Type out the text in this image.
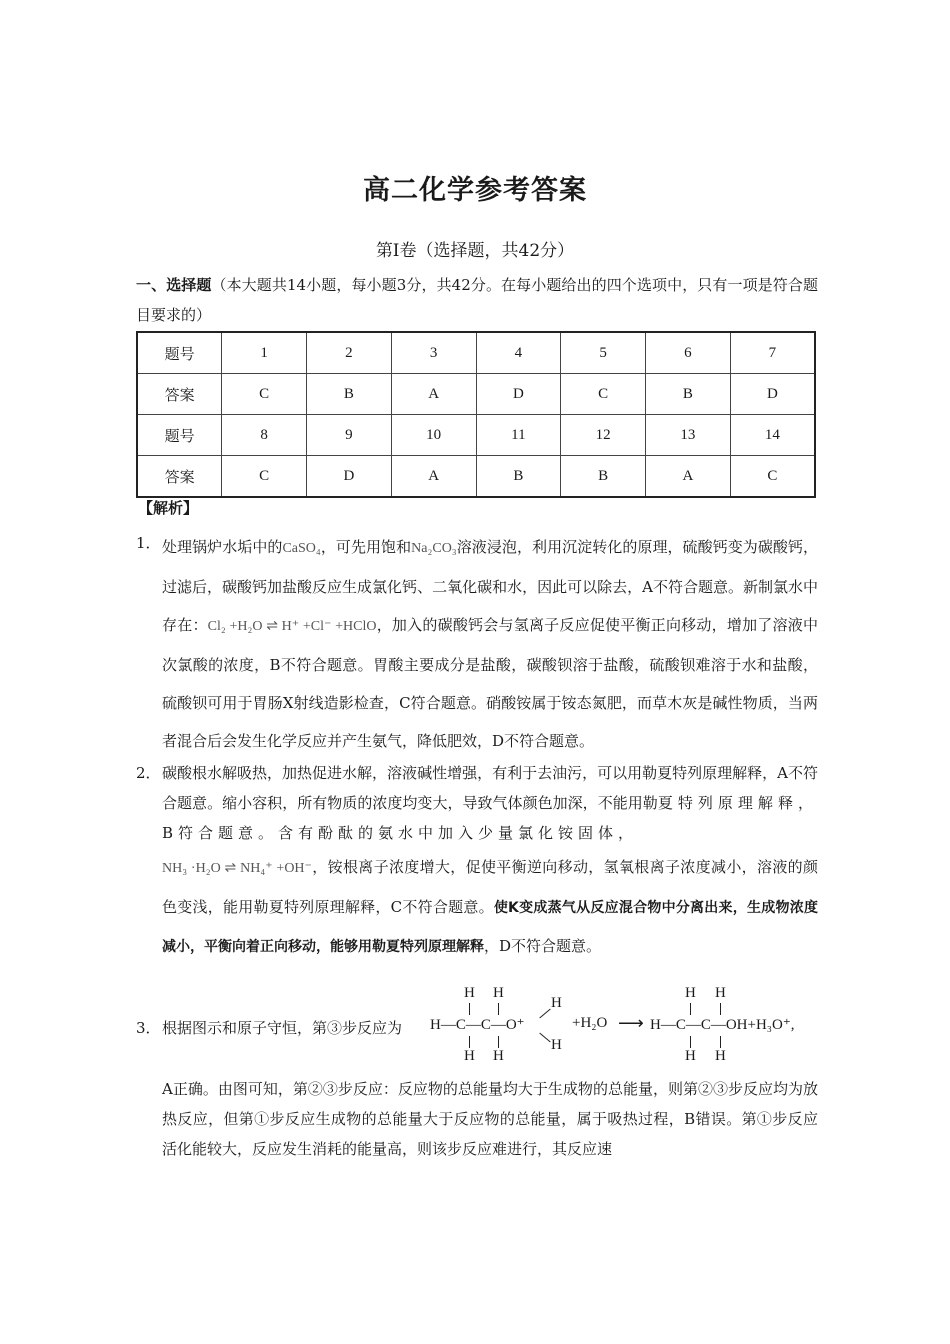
高二化学参考答案
第Ⅰ卷（选择题，共42分）
一、选择题（本大题共14小题，每小题3分，共42分。在每小题给出的四个选项中，只有一项是符合题目要求的）
题号	1	2	3	4	5	6	7
答案	C	B	A	D	C	B	D
题号	8	9	10	11	12	13	14
答案	C	D	A	B	B	A	C
【解析】
1． 处理锅炉水垢中的CaSO₄，可先用饱和Na₂CO₃溶液浸泡，利用沉淀转化的原理，硫酸钙变为碳酸钙，过滤后，碳酸钙加盐酸反应生成氯化钙、二氧化碳和水，因此可以除去，A不符合题意。新制氯水中存在：Cl₂ +H₂O ⇌ H⁺ +Cl⁻ +HClO，加入的碳酸钙会与氢离子反应促使平衡正向移动，增加了溶液中次氯酸的浓度，B不符合题意。胃酸主要成分是盐酸，碳酸钡溶于盐酸，硫酸钡难溶于水和盐酸，硫酸钡可用于胃肠X射线造影检查，C符合题意。硝酸铵属于铵态氮肥，而草木灰是碱性物质，当两者混合后会发生化学反应并产生氨气，降低肥效，D不符合题意。
2． 碳酸根水解吸热，加热促进水解，溶液碱性增强，有利于去油污，可以用勒夏特列原理解释，A不符合题意。缩小容积，所有物质的浓度均变大，导致气体颜色加深，不能用勒夏特列原理解释，B符合题意。含有酚酞的氨水中加入少量氯化铵固体，
NH₃ ·H₂O ⇌ NH₄⁺ +OH⁻，铵根离子浓度增大，促使平衡逆向移动，氢氧根离子浓度减小，溶液的颜色变浅，能用勒夏特列原理解释，C不符合题意。使K变成蒸气从反应混合物中分离出来，生成物浓度减小，平衡向着正向移动，能够用勒夏特列原理解释，D不符合题意。
3． 根据图示和原子守恒，第③步反应为
H H
H—C—C—O⁺
H H
H
H
+H₂O ⟶
H H
H—C—C—OH+H₃O⁺,
H H
A正确。由图可知，第②③步反应：反应物的总能量均大于生成物的总能量，则第②③步反应均为放热反应，但第①步反应生成物的总能量大于反应物的总能量，属于吸热过程，B错误。第①步反应活化能较大，反应发生消耗的能量高，则该步反应难进行，其反应速
